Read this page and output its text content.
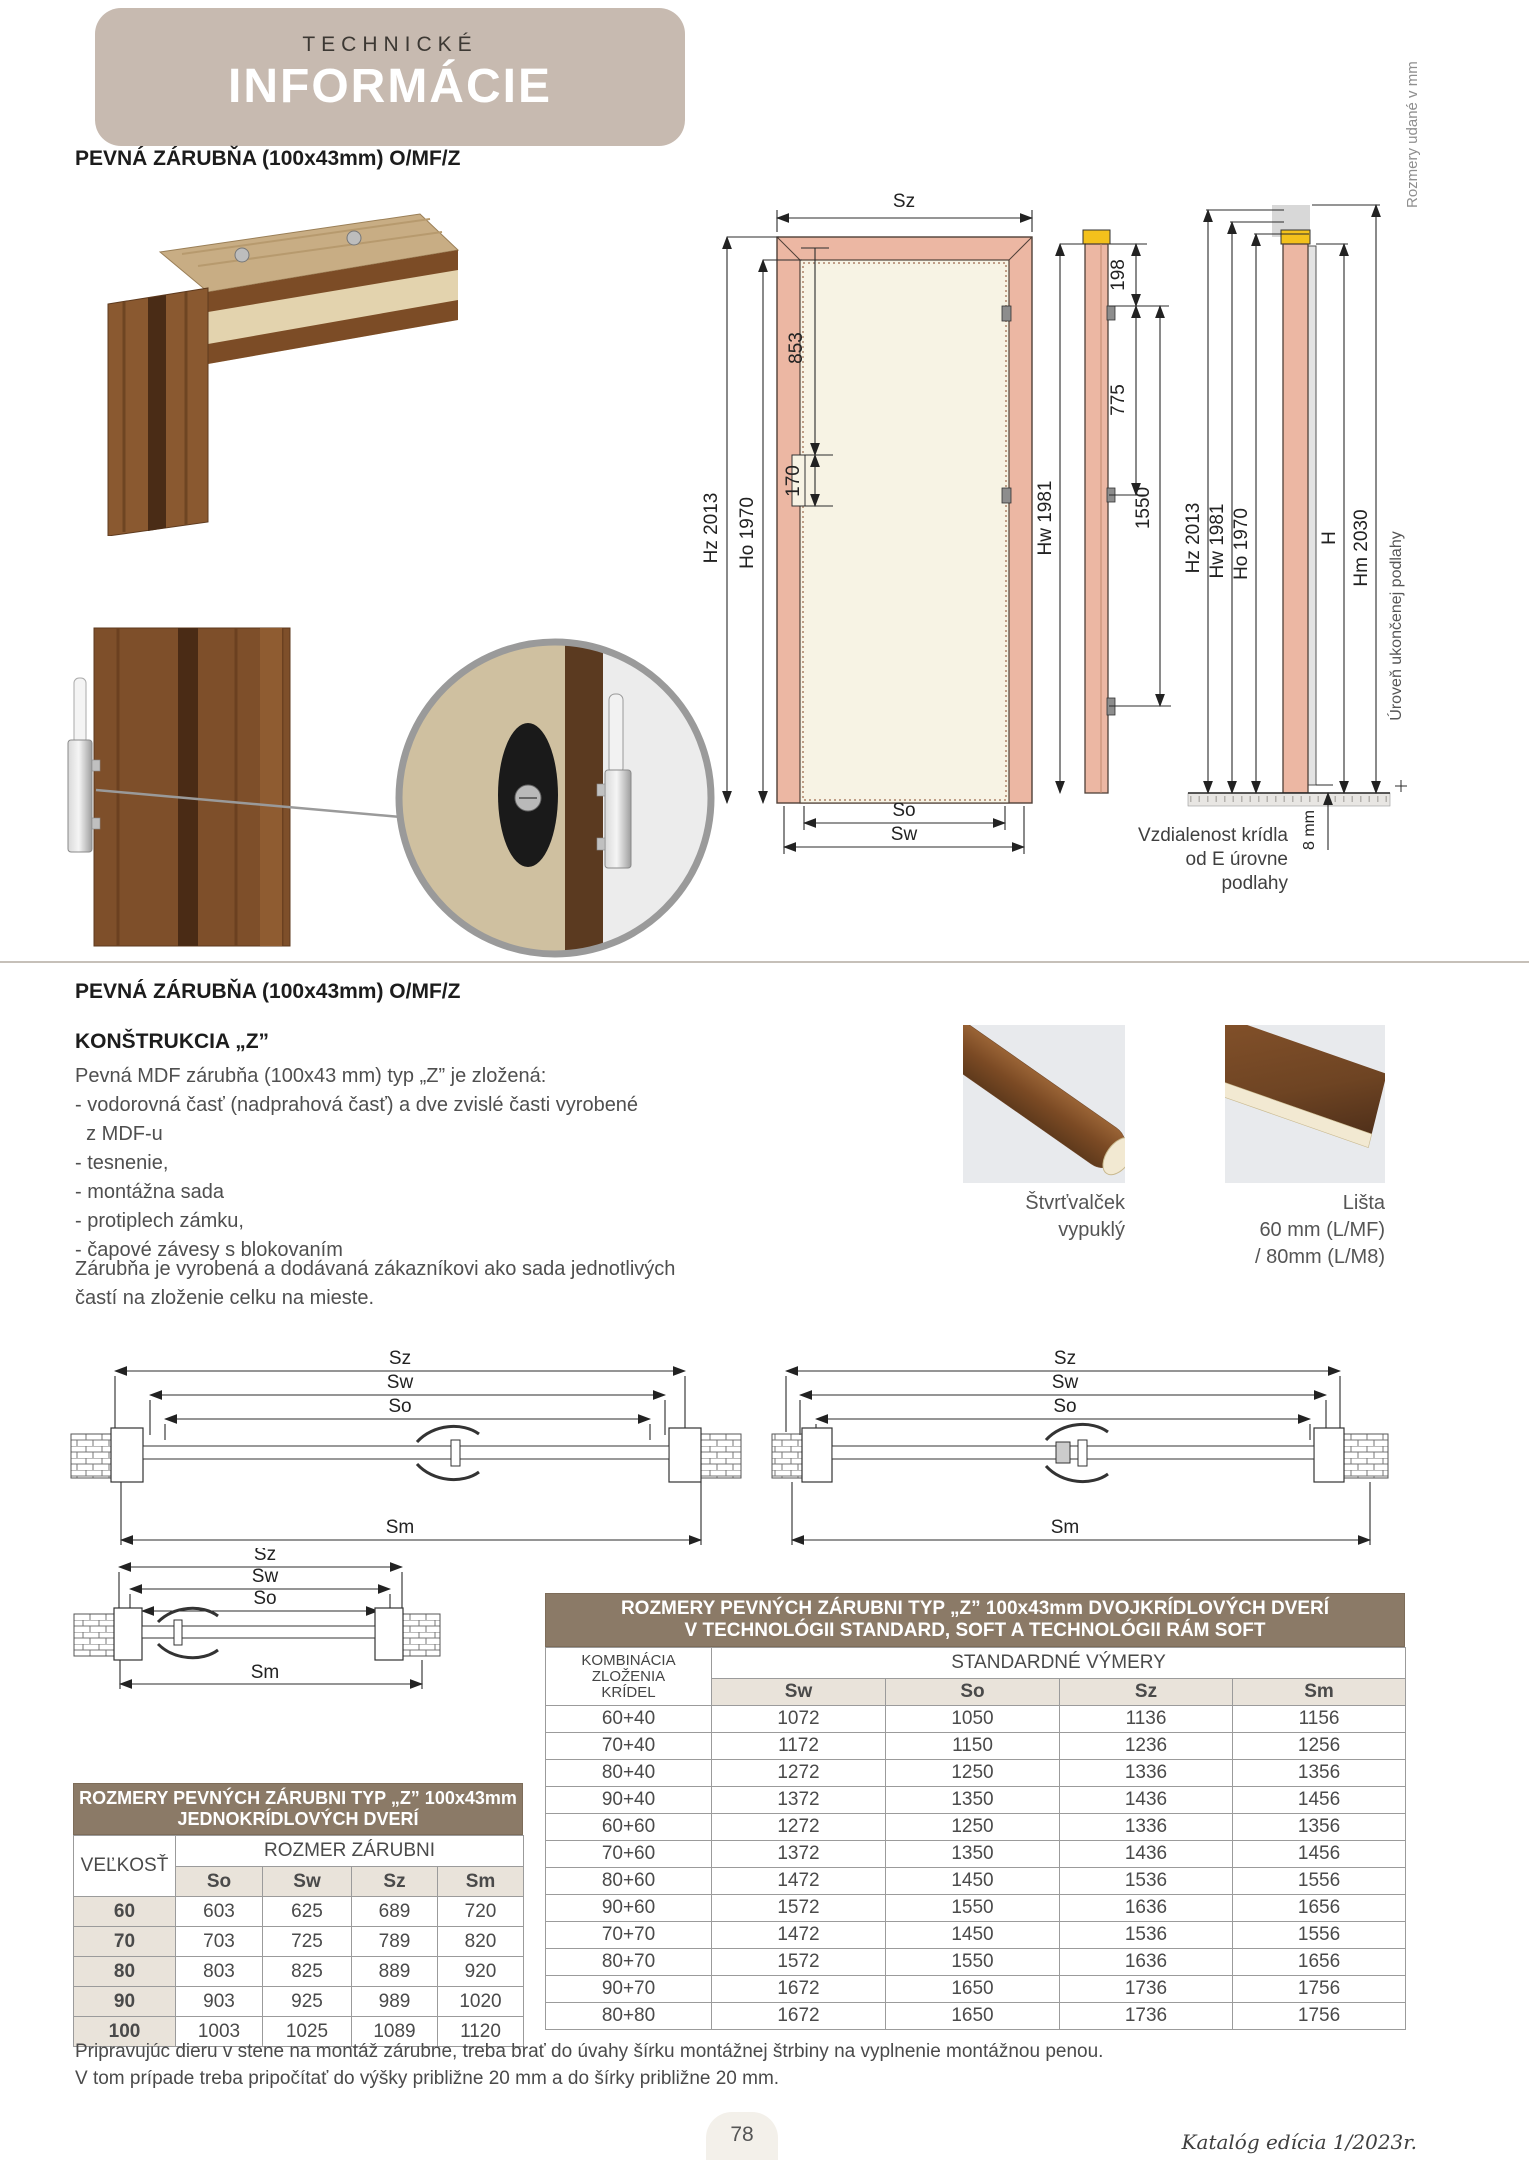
TECHNICKÉ
INFORMÁCIE	Rozmery udané v mm
PEVNÁ ZÁRUBŇA (100x43mm) O/MF/Z
Sz
Hz 2013 Ho 1970
853
170
So
Sw
Hw 1981
198
775
1550 Hz 2013 Hw 1981 Ho 1970	H Hm 2030
8 mm
Úroveň ukončenej podlahy
Vzdialenost krídla
od E úrovne
podlahy
PEVNÁ ZÁRUBŇA (100x43mm) O/MF/Z
KONŠTRUKCIA „Z”
Pevná MDF zárubňa (100x43 mm) typ „Z” je zložená:
- vodorovná časť (nadprahová časť) a dve zvislé časti vyrobené
z MDF-u
- tesnenie,
- montážna sada
- protiplech zámku,
- čapové závesy s blokovaním
Zárubňa je vyrobená a dodávaná zákazníkovi ako sada jednotlivých
častí na zloženie celku na mieste.
Štvrťvalček
vypuklý
Lišta
60 mm (L/MF)
/ 80mm (L/M8)
Sz
Sw
So
Sm
Sz
Sw
So
Sm
Sz
Sw
So
Sm
ROZMERY PEVNÝCH ZÁRUBNI TYP „Z” 100x43mm
JEDNOKRÍDLOVÝCH DVERÍ
VEĽKOSŤ	ROZMER ZÁRUBNI			
	So	Sw	Sz	Sm
60	603	625	689	720
70	703	725	789	820
80	803	825	889	920
90	903	925	989	1020
100	1003	1025	1089	1120
ROZMERY PEVNÝCH ZÁRUBNI TYP „Z” 100x43mm DVOJKRÍDLOVÝCH DVERÍ
V TECHNOLÓGII STANDARD, SOFT A TECHNOLÓGII RÁM SOFT
KOMBINÁCIA
ZLOŽENIA
KRÍDEL	STANDARDNÉ VÝMERY			
	Sw	So	Sz	Sm
60+40	1072	1050	1136	1156
70+40	1172	1150	1236	1256
80+40	1272	1250	1336	1356
90+40	1372	1350	1436	1456
60+60	1272	1250	1336	1356
70+60	1372	1350	1436	1456
80+60	1472	1450	1536	1556
90+60	1572	1550	1636	1656
70+70	1472	1450	1536	1556
80+70	1572	1550	1636	1656
90+70	1672	1650	1736	1756
80+80	1672	1650	1736	1756
Pripravujúc dieru v stene na montáž zárubne, treba brať do úvahy šírku montážnej štrbiny na vyplnenie montážnou penou.
V tom prípade treba pripočítať do výšky približne 20 mm a do šírky približne 20 mm.
78	Katalóg edícia 1/2023r.
